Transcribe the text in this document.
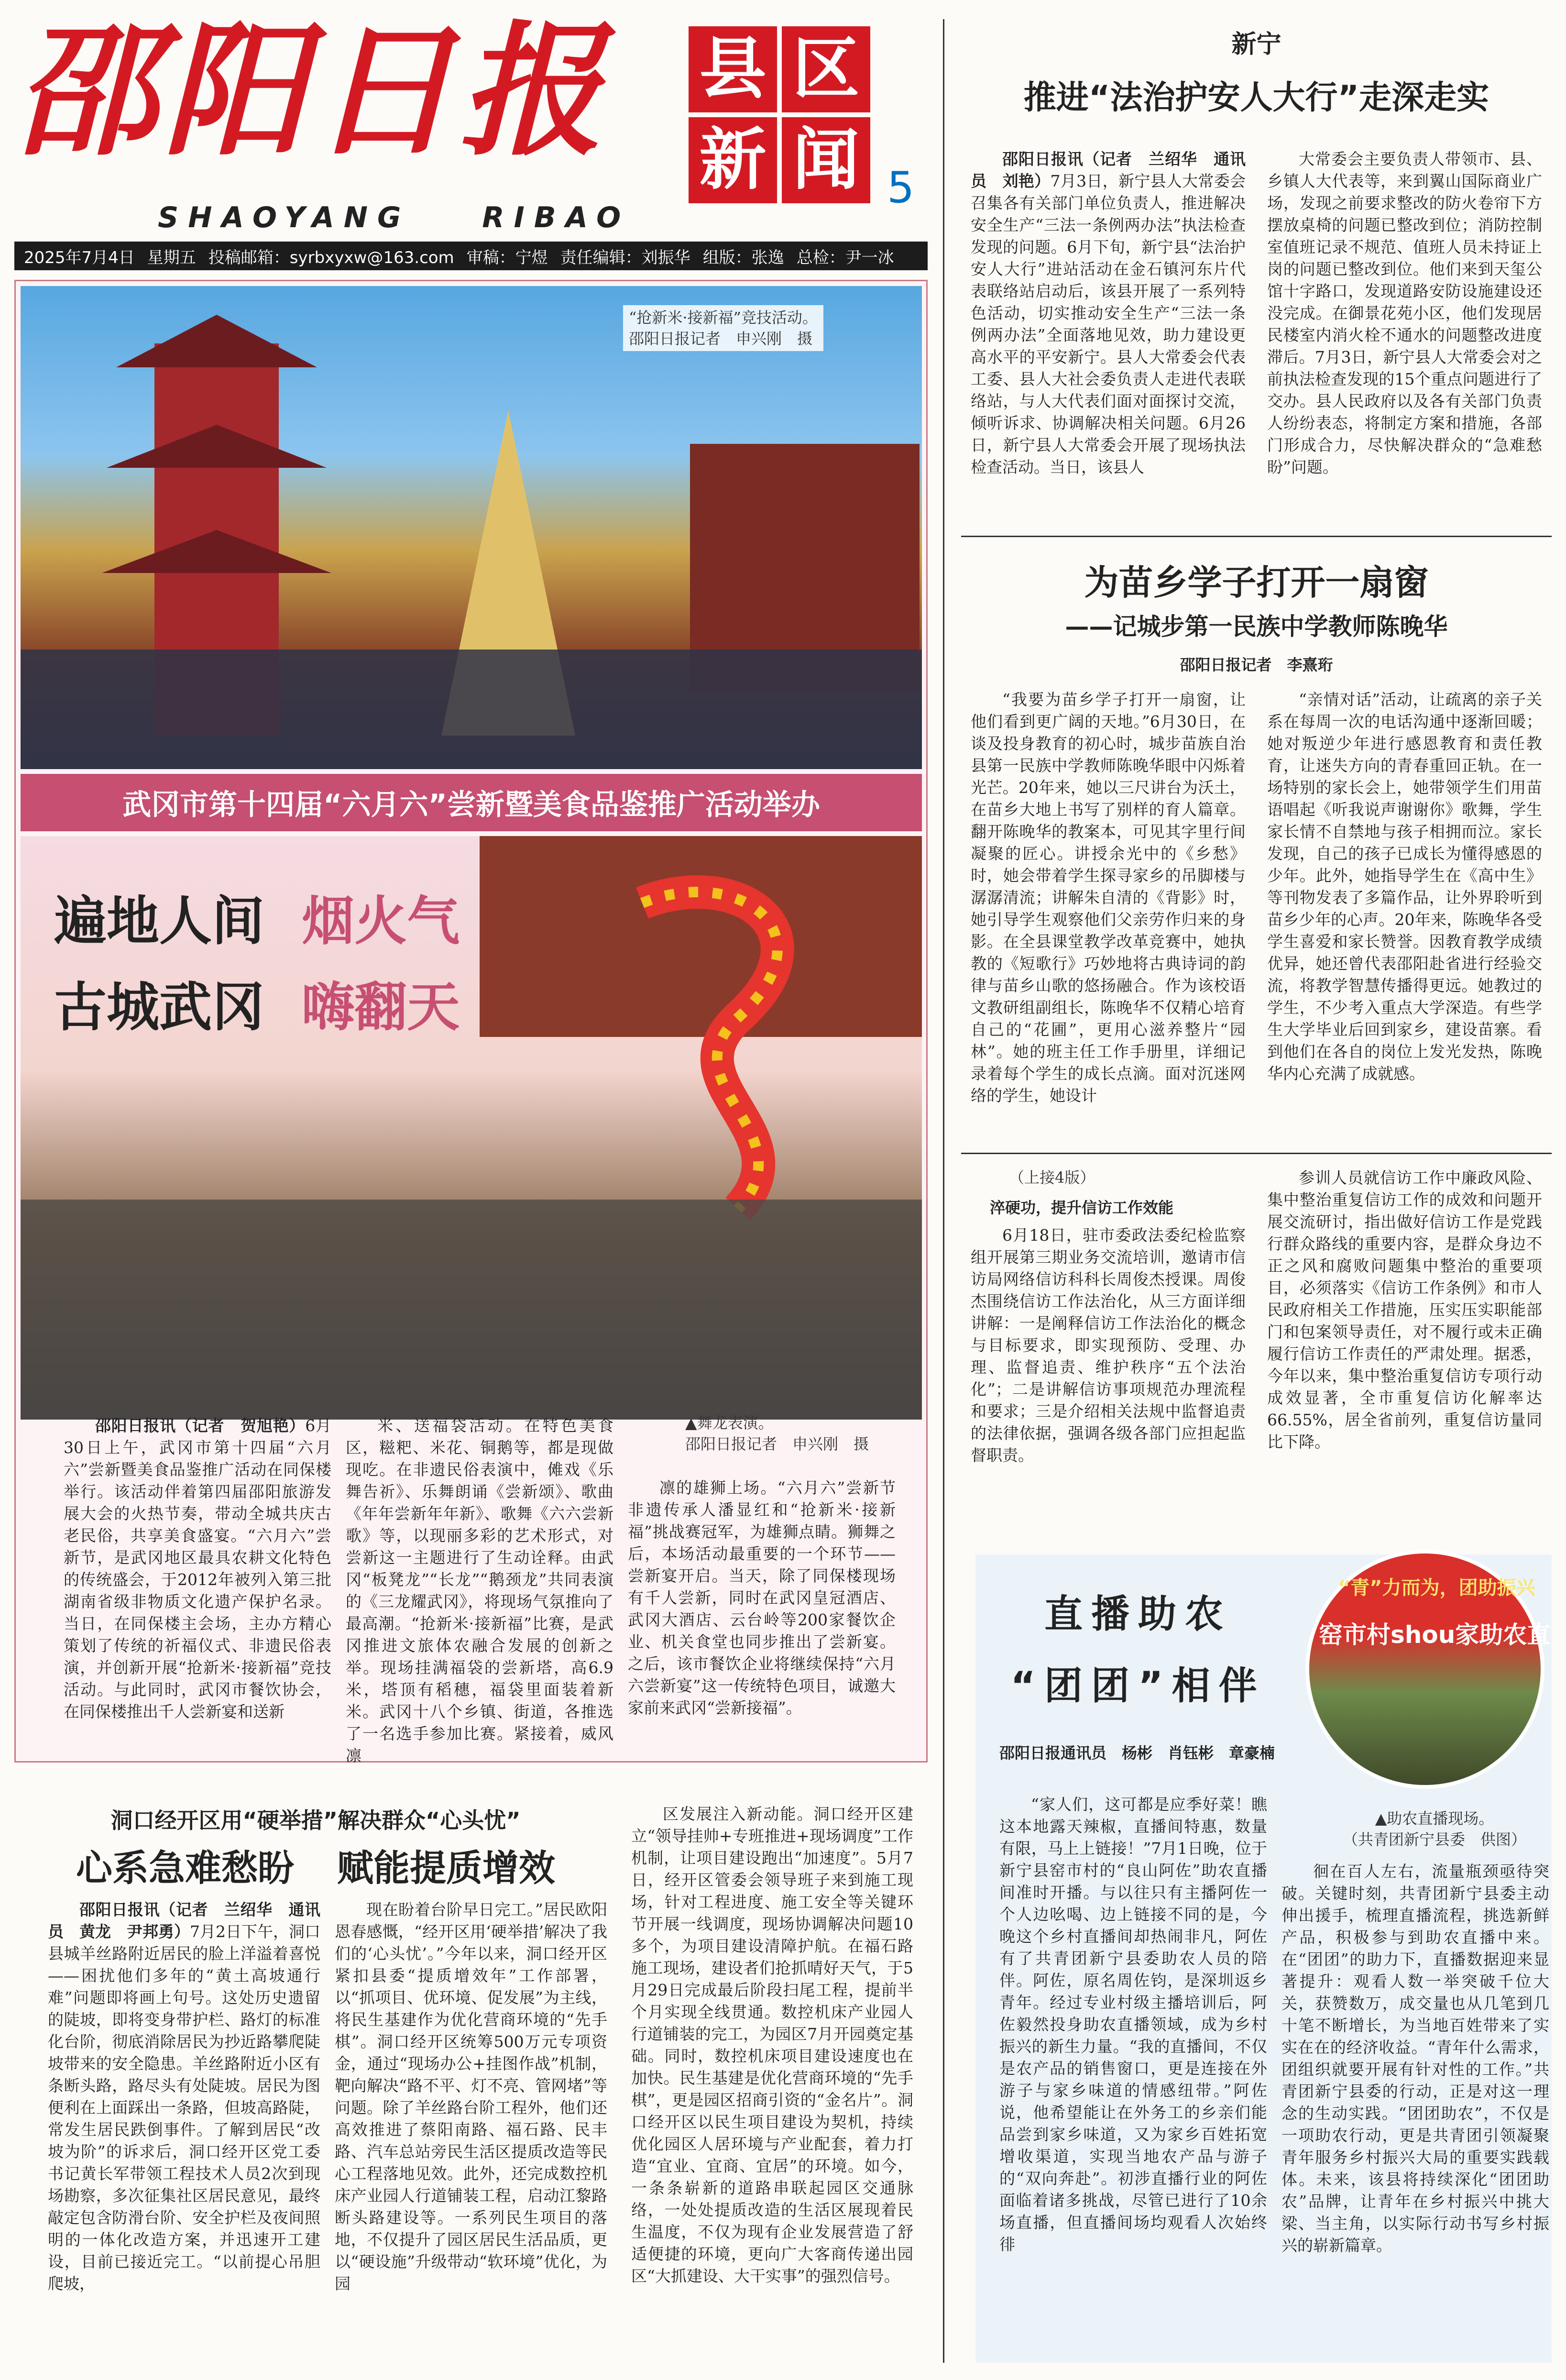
邵阳日报
SHAOYANG	RIBAO
县 区
新 闻 5
2025年7月4日 星期五 投稿邮箱：syrbxyxw@163.com 审稿：宁煜 责任编辑：刘振华 组版：张逸 总检：尹一冰
“抢新米·接新福”竞技活动。
邵阳日报记者　申兴刚　摄
武冈市第十四届“六月六”尝新暨美食品鉴推广活动举办
遍地人间 烟火气
古城武冈 嗨翻天
▲舞龙表演。
邵阳日报记者　申兴刚　摄

邵阳日报讯（记者　贺旭艳）6月30日上午，武冈市第十四届“六月六”尝新暨美食品鉴推广活动在同保楼举行。该活动伴着第四届邵阳旅游发展大会的火热节奏，带动全城共庆古老民俗，共享美食盛宴。“六月六”尝新节，是武冈地区最具农耕文化特色的传统盛会，于2012年被列入第三批湖南省级非物质文化遗产保护名录。当日，在同保楼主会场，主办方精心策划了传统的祈福仪式、非遗民俗表演，并创新开展“抢新米·接新福”竞技活动。与此同时，武冈市餐饮协会，在同保楼推出千人尝新宴和送新

米、送福袋活动。在特色美食区，糍粑、米花、铜鹅等，都是现做现吃。在非遗民俗表演中，傩戏《乐舞告祈》、乐舞朗诵《尝新颂》、歌曲《年年尝新年年新》、歌舞《六六尝新歌》等，以现丽多彩的艺术形式，对尝新这一主题进行了生动诠释。由武冈“板凳龙”“长龙”“鹅颈龙”共同表演的《三龙耀武冈》，将现场气氛推向了最高潮。“抢新米·接新福”比赛，是武冈推进文旅体农融合发展的创新之举。现场挂满福袋的尝新塔，高6.9米，塔顶有稻穗，福袋里面装着新米。武冈十八个乡镇、街道，各推选了一名选手参加比赛。紧接着，威风凛

凛的雄狮上场。“六月六”尝新节非遗传承人潘显红和“抢新米·接新福”挑战赛冠军，为雄狮点睛。狮舞之后，本场活动最重要的一个环节——尝新宴开启。当天，除了同保楼现场有千人尝新，同时在武冈皇冠酒店、武冈大酒店、云台岭等200家餐饮企业、机关食堂也同步推出了尝新宴。之后，该市餐饮企业将继续保持“六月六尝新宴”这一传统特色项目，诚邀大家前来武冈“尝新接福”。

新宁
推进“法治护安人大行”走深走实

邵阳日报讯（记者　兰绍华　通讯员　刘艳）7月3日，新宁县人大常委会召集各有关部门单位负责人，推进解决安全生产“三法一条例两办法”执法检查发现的问题。6月下旬，新宁县“法治护安人大行”进站活动在金石镇河东片代表联络站启动后，该县开展了一系列特色活动，切实推动安全生产“三法一条例两办法”全面落地见效，助力建设更高水平的平安新宁。县人大常委会代表工委、县人大社会委负责人走进代表联络站，与人大代表们面对面探讨交流，倾听诉求、协调解决相关问题。6月26日，新宁县人大常委会开展了现场执法检查活动。当日，该县人

大常委会主要负责人带领市、县、乡镇人大代表等，来到翼山国际商业广场，发现之前要求整改的防火卷帘下方摆放桌椅的问题已整改到位；消防控制室值班记录不规范、值班人员未持证上岗的问题已整改到位。他们来到天玺公馆十字路口，发现道路安防设施建设还没完成。在御景花苑小区，他们发现居民楼室内消火栓不通水的问题整改进度滞后。7月3日，新宁县人大常委会对之前执法检查发现的15个重点问题进行了交办。县人民政府以及各有关部门负责人纷纷表态，将制定方案和措施，各部门形成合力，尽快解决群众的“急难愁盼”问题。

为苗乡学子打开一扇窗
——记城步第一民族中学教师陈晚华
邵阳日报记者　李熹珩

“我要为苗乡学子打开一扇窗，让他们看到更广阔的天地。”6月30日，在谈及投身教育的初心时，城步苗族自治县第一民族中学教师陈晚华眼中闪烁着光芒。20年来，她以三尺讲台为沃土，在苗乡大地上书写了别样的育人篇章。翻开陈晚华的教案本，可见其字里行间凝聚的匠心。讲授余光中的《乡愁》时，她会带着学生探寻家乡的吊脚楼与潺潺清流；讲解朱自清的《背影》时，她引导学生观察他们父亲劳作归来的身影。在全县课堂教学改革竞赛中，她执教的《短歌行》巧妙地将古典诗词的韵律与苗乡山歌的悠扬融合。作为该校语文教研组副组长，陈晚华不仅精心培育自己的“花圃”，更用心滋养整片“园林”。她的班主任工作手册里，详细记录着每个学生的成长点滴。面对沉迷网络的学生，她设计

“亲情对话”活动，让疏离的亲子关系在每周一次的电话沟通中逐渐回暖；她对叛逆少年进行感恩教育和责任教育，让迷失方向的青春重回正轨。在一场特别的家长会上，她带领学生们用苗语唱起《听我说声谢谢你》歌舞，学生家长情不自禁地与孩子相拥而泣。家长发现，自己的孩子已成长为懂得感恩的少年。此外，她指导学生在《高中生》等刊物发表了多篇作品，让外界聆听到苗乡少年的心声。20年来，陈晚华各受学生喜爱和家长赞誉。因教育教学成绩优异，她还曾代表邵阳赴省进行经验交流，将教学智慧传播得更远。她教过的学生，不少考入重点大学深造。有些学生大学毕业后回到家乡，建设苗寨。看到他们在各自的岗位上发光发热，陈晚华内心充满了成就感。

（上接4版）
淬硬功，提升信访工作效能

6月18日，驻市委政法委纪检监察组开展第三期业务交流培训，邀请市信访局网络信访科科长周俊杰授课。周俊杰围绕信访工作法治化，从三方面详细讲解：一是阐释信访工作法治化的概念与目标要求，即实现预防、受理、办理、监督追责、维护秩序“五个法治化”；二是讲解信访事项规范办理流程和要求；三是介绍相关法规中监督追责的法律依据，强调各级各部门应担起监督职责。

参训人员就信访工作中廉政风险、集中整治重复信访工作的成效和问题开展交流研讨，指出做好信访工作是党践行群众路线的重要内容，是群众身边不正之风和腐败问题集中整治的重要项目，必须落实《信访工作条例》和市人民政府相关工作措施，压实压实职能部门和包案领导责任，对不履行或未正确履行信访工作责任的严肃处理。据悉，今年以来，集中整治重复信访专项行动成效显著，全市重复信访化解率达66.55%，居全省前列，重复信访量同比下降。

直播助农
“团团”相伴
“青”力而为，团助振兴
窑市村shou家助农直
邵阳日报通讯员　杨彬　肖钰彬　章豪楠
▲助农直播现场。
（共青团新宁县委　供图）

“家人们，这可都是应季好菜！瞧这本地露天辣椒，直播间特惠，数量有限，马上上链接！”7月1日晚，位于新宁县窑市村的“良山阿佐”助农直播间准时开播。与以往只有主播阿佐一个人边吆喝、边上链接不同的是，今晚这个乡村直播间却热闹非凡，阿佐有了共青团新宁县委助农人员的陪伴。阿佐，原名周佐钧，是深圳返乡青年。经过专业村级主播培训后，阿佐毅然投身助农直播领域，成为乡村振兴的新生力量。“我的直播间，不仅是农产品的销售窗口，更是连接在外游子与家乡味道的情感纽带。”阿佐说，他希望能让在外务工的乡亲们能品尝到家乡味道，又为家乡百姓拓宽增收渠道，实现当地农产品与游子的“双向奔赴”。初涉直播行业的阿佐面临着诸多挑战，尽管已进行了10余场直播，但直播间场均观看人次始终徘

徊在百人左右，流量瓶颈亟待突破。关键时刻，共青团新宁县委主动伸出援手，梳理直播流程，挑选新鲜产品，积极参与到助农直播中来。在“团团”的助力下，直播数据迎来显著提升：观看人数一举突破千位大关，获赞数万，成交量也从几笔到几十笔不断增长，为当地百姓带来了实实在在的经济收益。“青年什么需求，团组织就要开展有针对性的工作。”共青团新宁县委的行动，正是对这一理念的生动实践。“团团助农”，不仅是一项助农行动，更是共青团引领凝聚青年服务乡村振兴大局的重要实践载体。未来，该县将持续深化“团团助农”品牌，让青年在乡村振兴中挑大梁、当主角，以实际行动书写乡村振兴的崭新篇章。

洞口经开区用“硬举措”解决群众“心头忧”
心系急难愁盼 赋能提质增效

邵阳日报讯（记者　兰绍华　通讯员　黄龙　尹邦勇）7月2日下午，洞口县城羊丝路附近居民的脸上洋溢着喜悦——困扰他们多年的“黄土高坡通行难”问题即将画上句号。这处历史遗留的陡坡，即将变身带护栏、路灯的标准化台阶，彻底消除居民为抄近路攀爬陡坡带来的安全隐患。羊丝路附近小区有条断头路，路尽头有处陡坡。居民为图便利在上面踩出一条路，但坡高路陡，常发生居民跌倒事件。了解到居民“改坡为阶”的诉求后，洞口经开区党工委书记黄长军带领工程技术人员2次到现场勘察，多次征集社区居民意见，最终敲定包含防滑台阶、安全护栏及夜间照明的一体化改造方案，并迅速开工建设，目前已接近完工。“以前提心吊胆爬坡，

现在盼着台阶早日完工。”居民欧阳恩春感慨，“经开区用‘硬举措’解决了我们的‘心头忧’。”今年以来，洞口经开区紧扣县委“提质增效年”工作部署，以“抓项目、优环境、促发展”为主线，将民生基建作为优化营商环境的“先手棋”。洞口经开区统筹500万元专项资金，通过“现场办公+挂图作战”机制，靶向解决“路不平、灯不亮、管网堵”等问题。除了羊丝路台阶工程外，他们还高效推进了蔡阳南路、福石路、民丰路、汽车总站旁民生活区提质改造等民心工程落地见效。此外，还完成数控机床产业园人行道铺装工程，启动江黎路断头路建设等。一系列民生项目的落地，不仅提升了园区居民生活品质，更以“硬设施”升级带动“软环境”优化，为园

区发展注入新动能。洞口经开区建立“领导挂帅+专班推进+现场调度”工作机制，让项目建设跑出“加速度”。5月7日，经开区管委会领导班子来到施工现场，针对工程进度、施工安全等关键环节开展一线调度，现场协调解决问题10多个，为项目建设清障护航。在福石路施工现场，建设者们抢抓晴好天气，于5月29日完成最后阶段扫尾工程，提前半个月实现全线贯通。数控机床产业园人行道铺装的完工，为园区7月开园奠定基础。同时，数控机床项目建设速度也在加快。民生基建是优化营商环境的“先手棋”，更是园区招商引资的“金名片”。洞口经开区以民生项目建设为契机，持续优化园区人居环境与产业配套，着力打造“宜业、宜商、宜居”的环境。如今，一条条崭新的道路串联起园区交通脉络，一处处提质改造的生活区展现着民生温度，不仅为现有企业发展营造了舒适便捷的环境，更向广大客商传递出园区“大抓建设、大干实事”的强烈信号。
